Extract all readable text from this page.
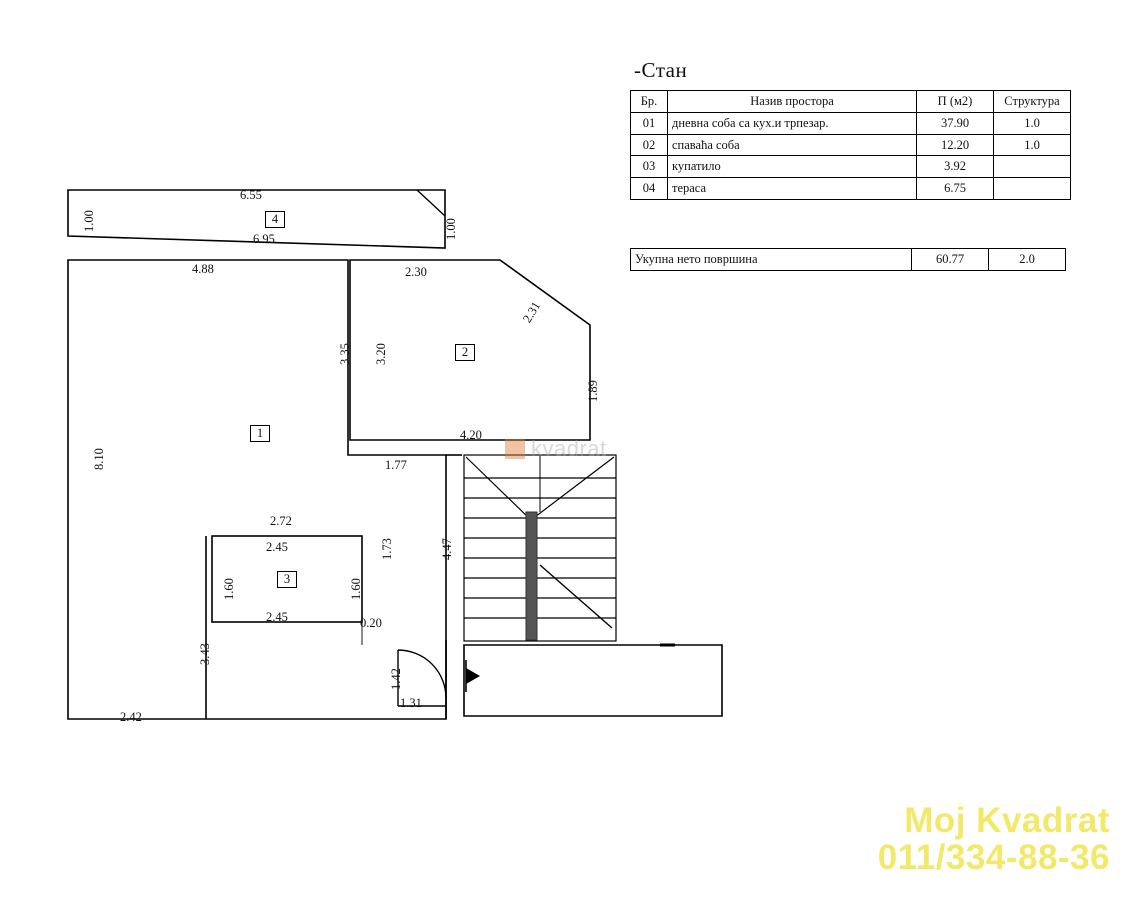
-Стан
Бр.	Назив простора	П (м2)	Структура
01	дневна соба са кух.и трпезар.	37.90	1.0
02	спаваћа соба	12.20	1.0
03	купатило	3.92	
04	тераса	6.75	
Укупна нето површина	60.77	2.0
1
2
3
4
6.55
6.95
1.00	1.00
4.88	2.30
2.31
3.35 3.20
1.89
4.20
1.77
8.10
4.47
1.73
2.72
2.45
2.45
1.60	1.60
3.43
0.20
1.42
1.31
2.42
kvadrat
Moj Kvadrat
011/334-88-36
